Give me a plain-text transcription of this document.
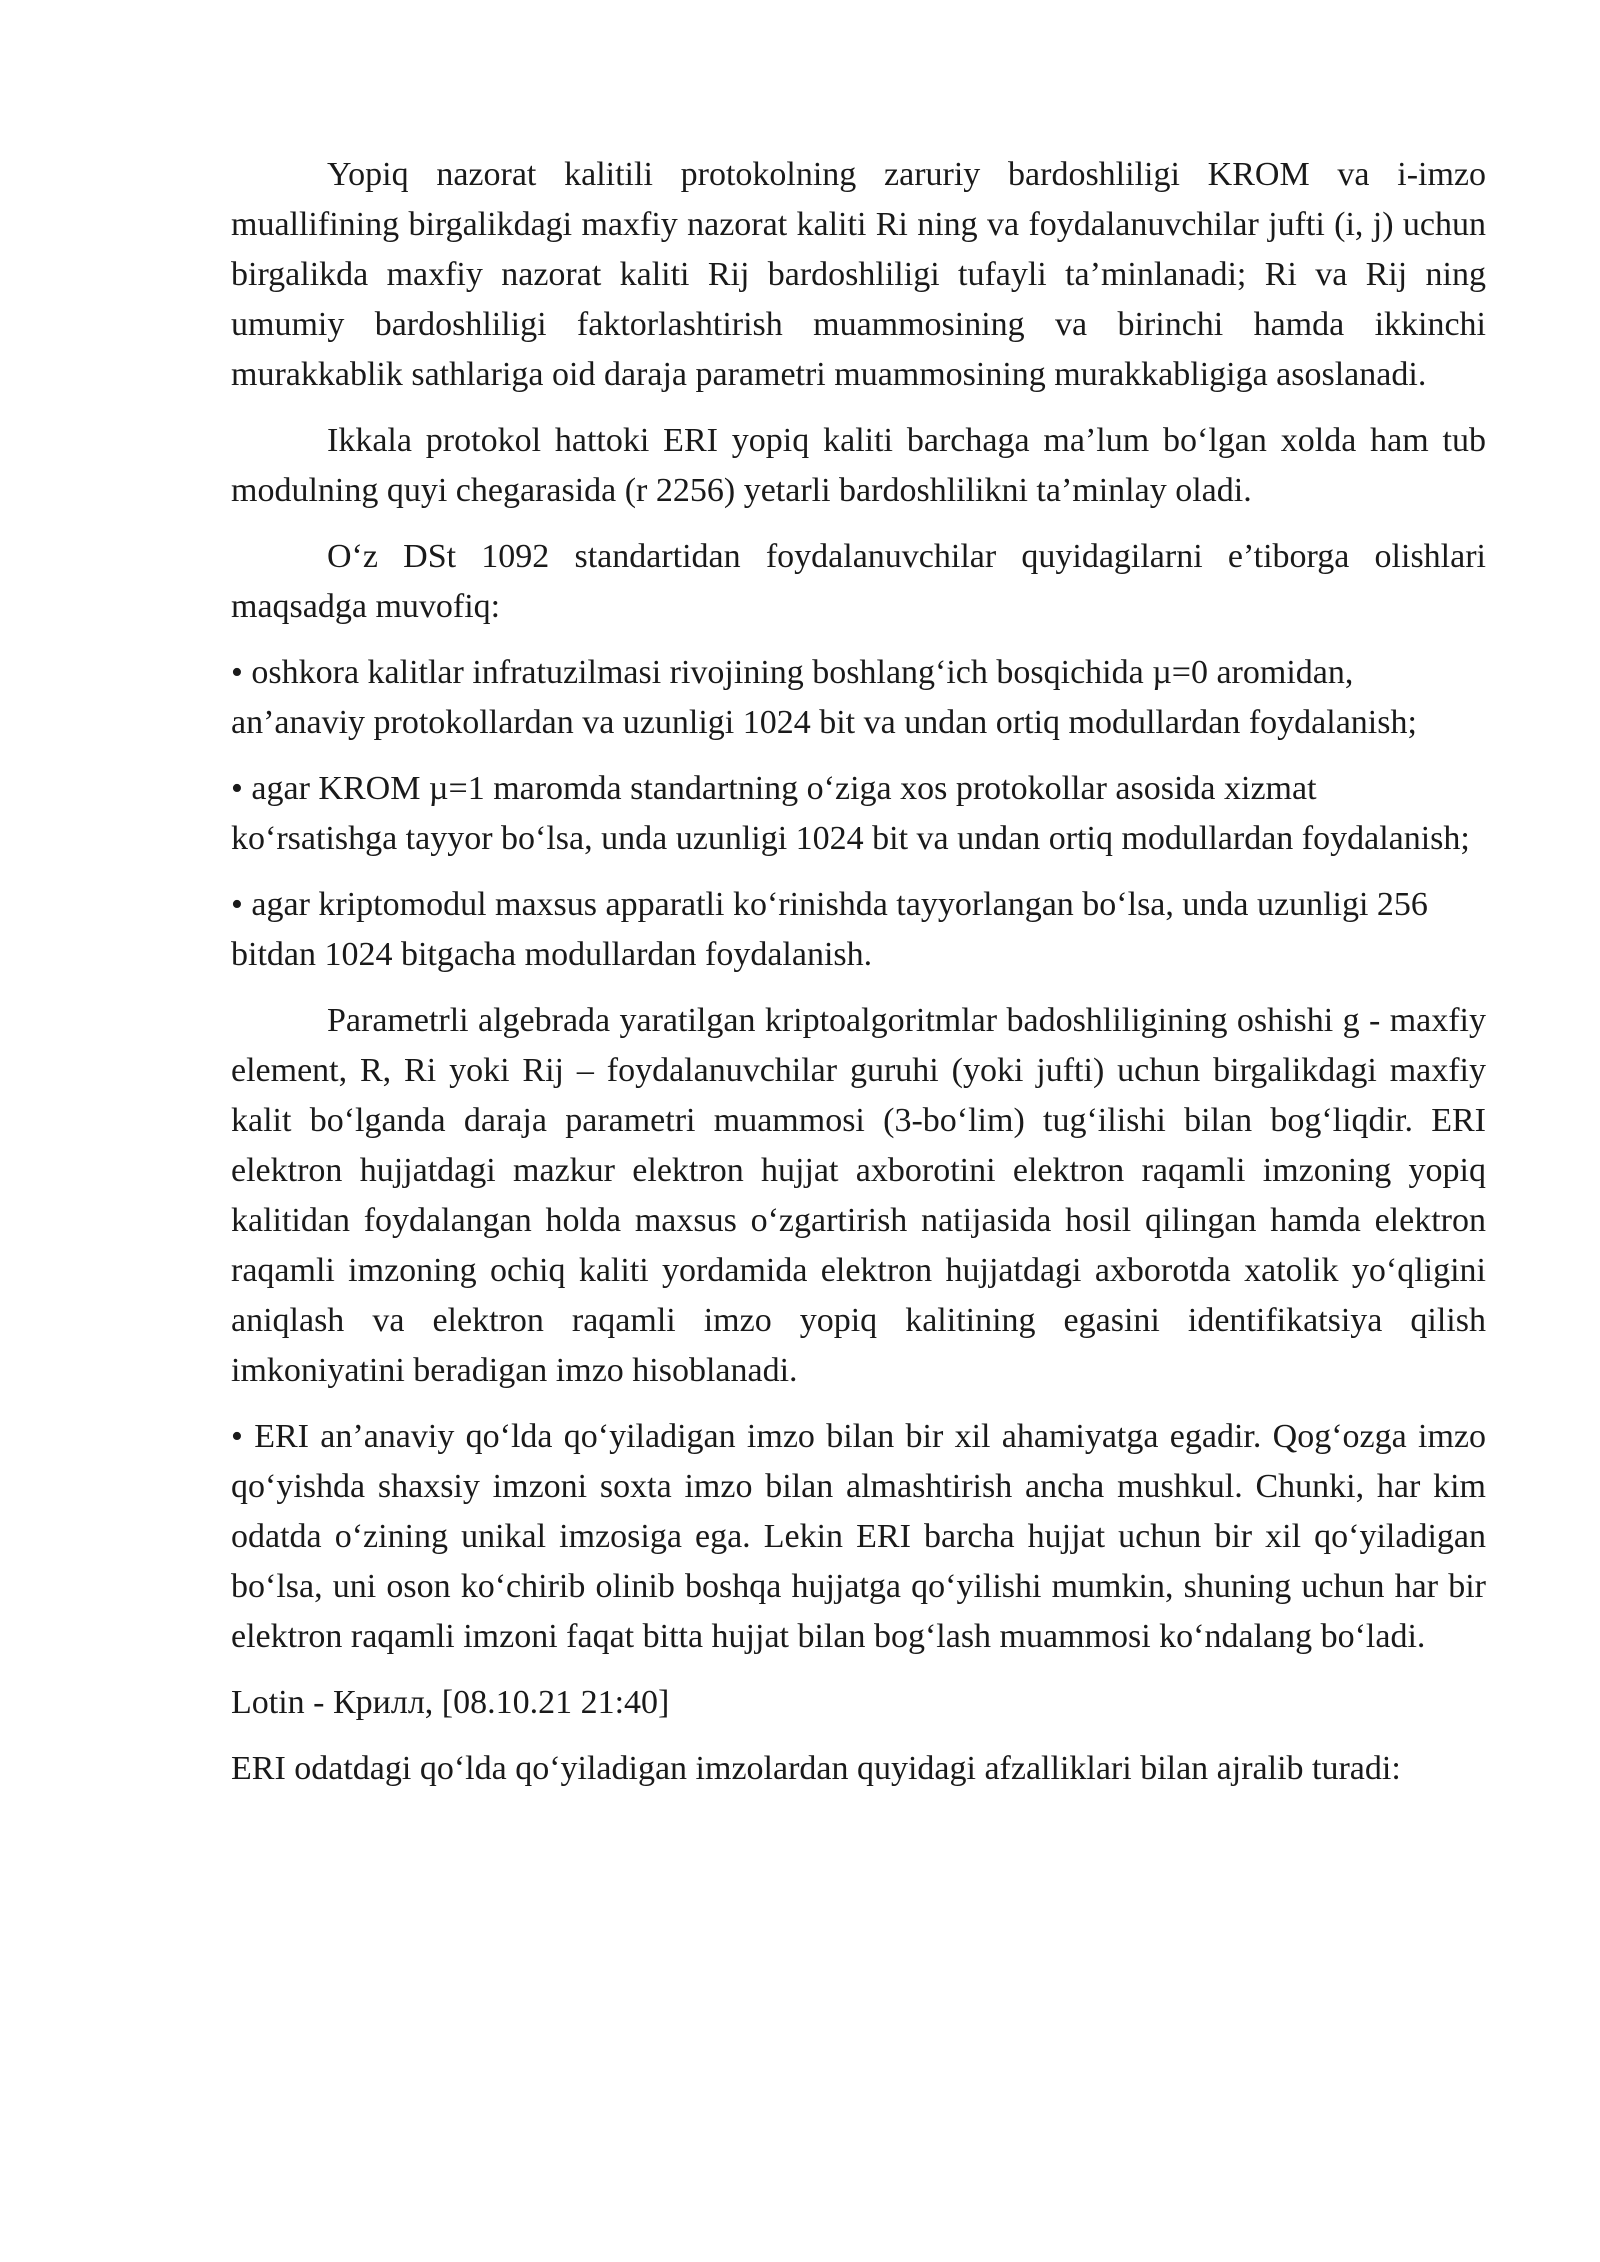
Yopiq nazorat kalitili protokolning zaruriy bardoshliligi KROM va i-imzo muallifining birgalikdagi maxfiy nazorat kaliti Ri ning va foydalanuvchilar jufti (i, j) uchun birgalikda maxfiy nazorat kaliti Rij bardoshliligi tufayli ta’minlanadi; Ri va Rij ning umumiy bardoshliligi faktorlashtirish muammosining va birinchi hamda ikkinchi murakkablik sathlariga oid daraja parametri muammosining murakkabligiga asoslanadi.

Ikkala protokol hattoki ERI yopiq kaliti barchaga ma’lum bo‘lgan xolda ham tub modulning quyi chegarasida (r 2256) yetarli bardoshlilikni ta’minlay oladi.

O‘z DSt 1092 standartidan foydalanuvchilar quyidagilarni e’tiborga olishlari maqsadga muvofiq:

• oshkora kalitlar infratuzilmasi rivojining boshlang‘ich bosqichida µ=0 aromidan, an’anaviy protokollardan va uzunligi 1024 bit va undan ortiq modullardan foydalanish;

• agar KROM µ=1 maromda standartning o‘ziga xos protokollar asosida xizmat ko‘rsatishga tayyor bo‘lsa, unda uzunligi 1024 bit va undan ortiq modullardan foydalanish;

• agar kriptomodul maxsus apparatli ko‘rinishda tayyorlangan bo‘lsa, unda uzunligi 256 bitdan 1024 bitgacha modullardan foydalanish.

Parametrli algebrada yaratilgan kriptoalgoritmlar badoshliligining oshishi g - maxfiy element, R, Ri yoki Rij – foydalanuvchilar guruhi (yoki jufti) uchun birgalikdagi maxfiy kalit bo‘lganda daraja parametri muammosi (3-bo‘lim) tug‘ilishi bilan bog‘liqdir. ERI elektron hujjatdagi mazkur elektron hujjat axborotini elektron raqamli imzoning yopiq kalitidan foydalangan holda maxsus o‘zgartirish natijasida hosil qilingan hamda elektron raqamli imzoning ochiq kaliti yordamida elektron hujjatdagi axborotda xatolik yo‘qligini aniqlash va elektron raqamli imzo yopiq kalitining egasini identifikatsiya qilish imkoniyatini beradigan imzo hisoblanadi.

• ERI an’anaviy qo‘lda qo‘yiladigan imzo bilan bir xil ahamiyatga egadir. Qog‘ozga imzo qo‘yishda shaxsiy imzoni soxta imzo bilan almashtirish ancha mushkul. Chunki, har kim odatda o‘zining unikal imzosiga ega. Lekin ERI barcha hujjat uchun bir xil qo‘yiladigan bo‘lsa, uni oson ko‘chirib olinib boshqa hujjatga qo‘yilishi mumkin, shuning uchun har bir elektron raqamli imzoni faqat bitta hujjat bilan bog‘lash muammosi ko‘ndalang bo‘ladi.

Lotin - Крилл, [08.10.21 21:40]

ERI odatdagi qo‘lda qo‘yiladigan imzolardan quyidagi afzalliklari bilan ajralib turadi:
